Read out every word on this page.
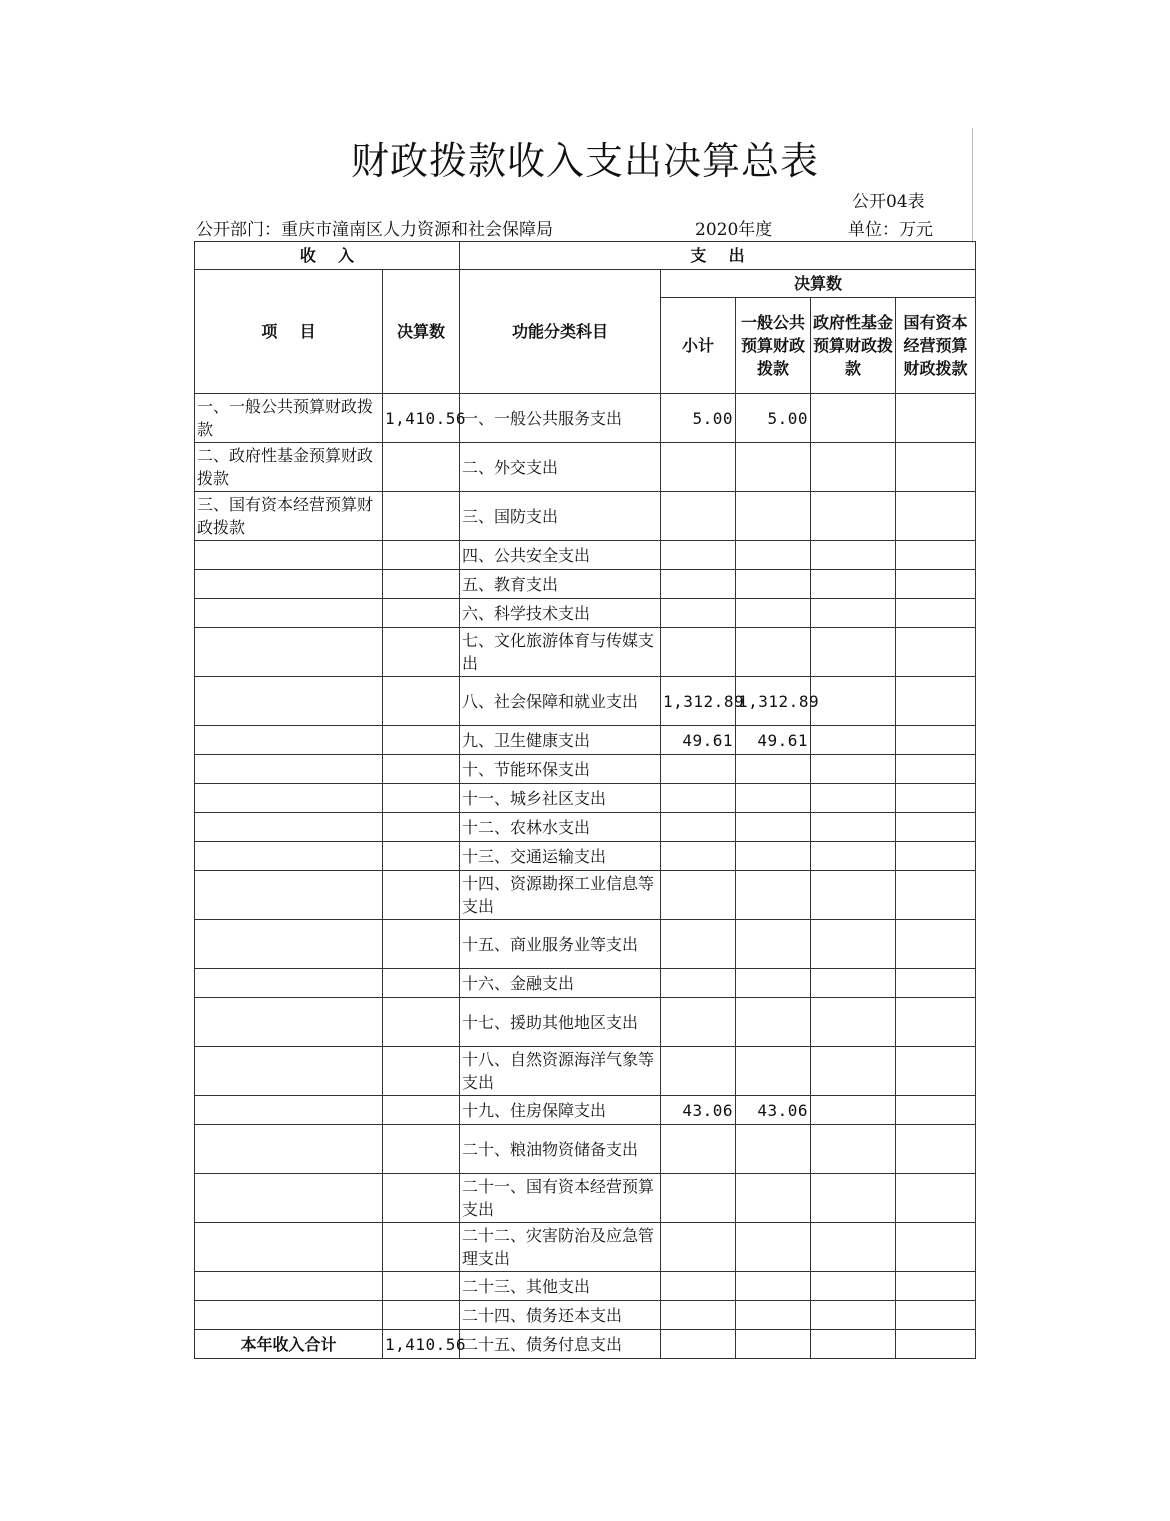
财政拨款收入支出决算总表
公开04表
公开部门：重庆市潼南区人力资源和社会保障局	2020年度	单位：万元
收    入		支    出				
项    目	决算数	功能分类科目	决算数			
			小计	一般公共预算财政拨款	政府性基金预算财政拨款	国有资本经营预算财政拨款
一、一般公共预算财政拨款	1,410.56	一、一般公共服务支出	5.00	5.00		
二、政府性基金预算财政拨款		二、外交支出				
三、国有资本经营预算财政拨款		三、国防支出				
		四、公共安全支出				
		五、教育支出				
		六、科学技术支出				
		七、文化旅游体育与传媒支出				
		八、社会保障和就业支出	1,312.89	1,312.89		
		九、卫生健康支出	49.61	49.61		
		十、节能环保支出				
		十一、城乡社区支出				
		十二、农林水支出				
		十三、交通运输支出				
		十四、资源勘探工业信息等支出				
		十五、商业服务业等支出				
		十六、金融支出				
		十七、援助其他地区支出				
		十八、自然资源海洋气象等支出				
		十九、住房保障支出	43.06	43.06		
		二十、粮油物资储备支出				
		二十一、国有资本经营预算支出				
		二十二、灾害防治及应急管理支出				
		二十三、其他支出				
		二十四、债务还本支出				
本年收入合计	1,410.56	二十五、债务付息支出				
